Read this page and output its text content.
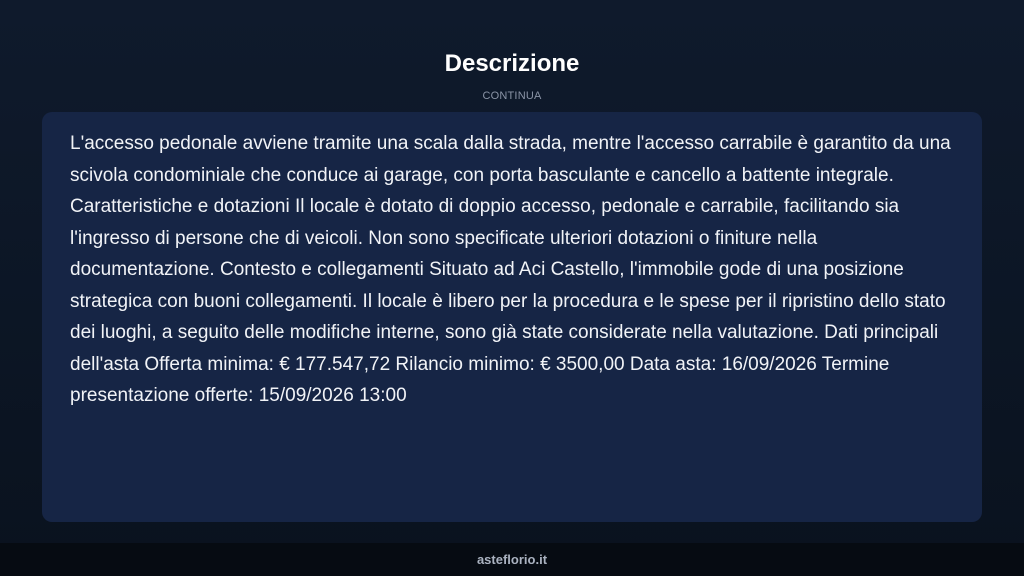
Descrizione
CONTINUA

L'accesso pedonale avviene tramite una scala dalla strada, mentre l'accesso carrabile è garantito da una scivola condominiale che conduce ai garage, con porta basculante e cancello a battente integrale. Caratteristiche e dotazioni Il locale è dotato di doppio accesso, pedonale e carrabile, facilitando sia l'ingresso di persone che di veicoli. Non sono specificate ulteriori dotazioni o finiture nella documentazione. Contesto e collegamenti Situato ad Aci Castello, l'immobile gode di una posizione strategica con buoni collegamenti. Il locale è libero per la procedura e le spese per il ripristino dello stato dei luoghi, a seguito delle modifiche interne, sono già state considerate nella valutazione. Dati principali dell'asta Offerta minima: € 177.547,72 Rilancio minimo: € 3500,00 Data asta: 16/09/2026 Termine presentazione offerte: 15/09/2026 13:00

asteflorio.it
